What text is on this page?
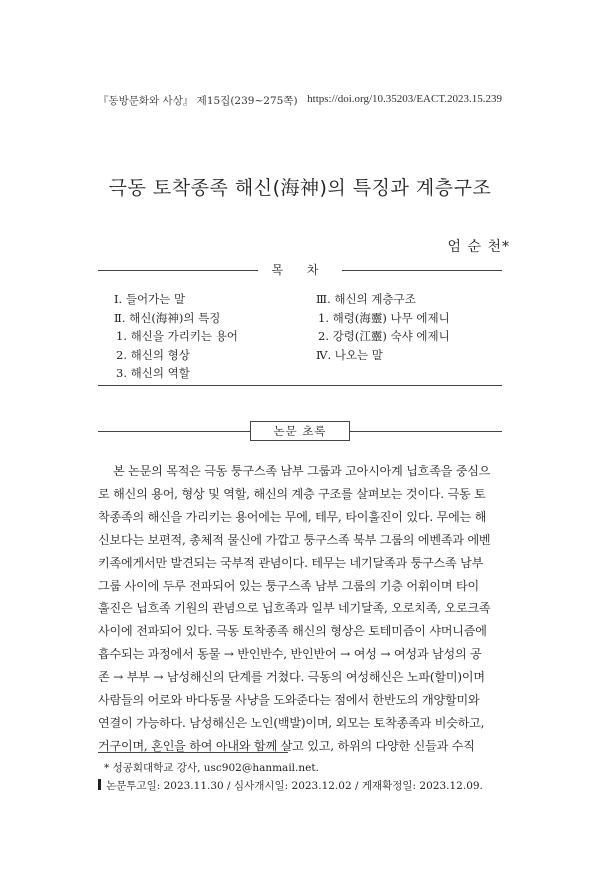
『동방문화와 사상』 제15집(239~275쪽) https://doi.org/10.35203/EACT.2023.15.239
극동 토착종족 해신(海神)의 특징과 계층구조
엄 순 천*
목 차
Ⅰ. 들어가는 말
Ⅱ. 해신(海神)의 특징
1. 해신을 가리키는 용어
2. 해신의 형상
3. 해신의 역할
Ⅲ. 해신의 계층구조
1. 해령(海靈) 나무 에제니
2. 강령(江靈) 숙샤 에제니
Ⅳ. 나오는 말
논문 초록
본 논문의 목적은 극동 퉁구스족 남부 그룹과 고아시아계 닙흐족을 중심으
로 해신의 용어, 형상 및 역할, 해신의 계층 구조를 살펴보는 것이다. 극동 토
착종족의 해신을 가리키는 용어에는 무에, 테무, 타이훌진이 있다. 무에는 해
신보다는 보편적, 총체적 물신에 가깝고 퉁구스족 북부 그룹의 에벤족과 에벤
키족에게서만 발견되는 국부적 관념이다. 테무는 네기달족과 퉁구스족 남부
그룹 사이에 두루 전파되어 있는 퉁구스족 남부 그룹의 기층 어휘이며 타이
훌진은 닙흐족 기원의 관념으로 닙흐족과 일부 네기달족, 오로치족, 오로크족
사이에 전파되어 있다. 극동 토착종족 해신의 형상은 토테미즘이 샤머니즘에
흡수되는 과정에서 동물 → 반인반수, 반인반어 → 여성 → 여성과 남성의 공
존 → 부부 → 남성해신의 단계를 거쳤다. 극동의 여성해신은 노파(할미)이며
사람들의 어로와 바다동물 사냥을 도와준다는 점에서 한반도의 개양할미와
연결이 가능하다. 남성해신은 노인(백발)이며, 외모는 토착종족과 비슷하고,
거구이며, 혼인을 하여 아내와 함께 살고 있고, 하위의 다양한 신들과 수직
* 성공회대학교 강사, usc902@hanmail.net.
논문투고일: 2023.11.30 / 심사개시일: 2023.12.02 / 게재확정일: 2023.12.09.
